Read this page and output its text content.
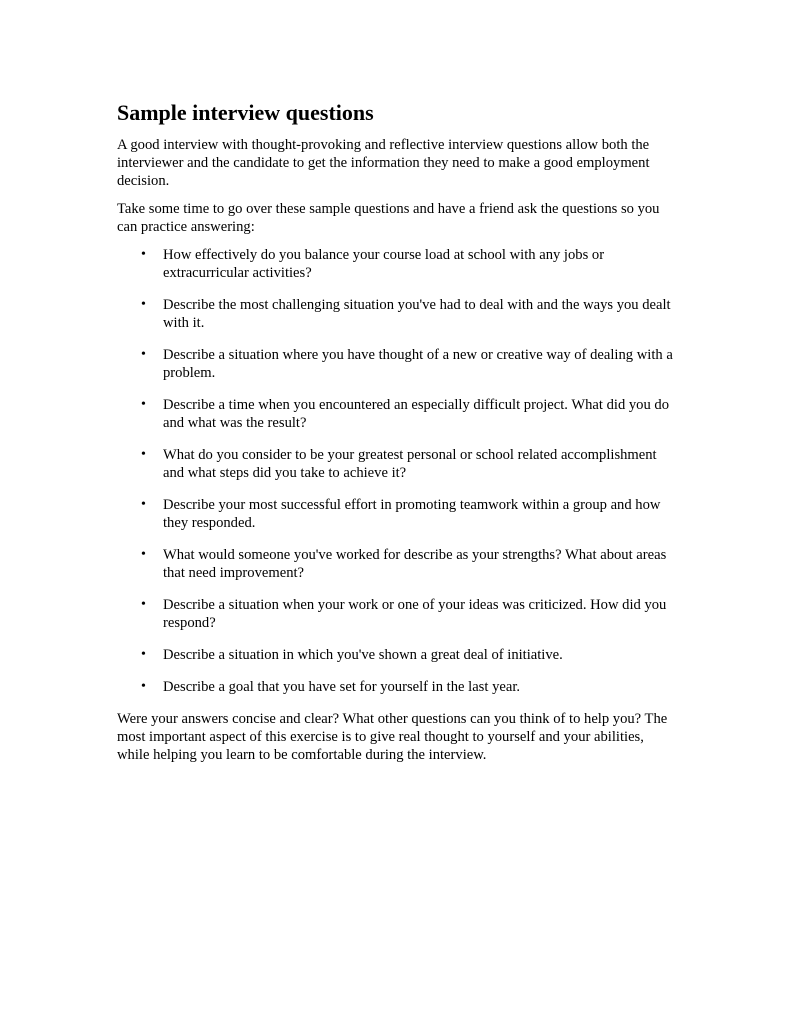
Sample interview questions

A good interview with thought-provoking and reflective interview questions allow both the interviewer and the candidate to get the information they need to make a good employment decision.

Take some time to go over these sample questions and have a friend ask the questions so you can practice answering:

• How effectively do you balance your course load at school with any jobs or extracurricular activities?
• Describe the most challenging situation you've had to deal with and the ways you dealt with it.
• Describe a situation where you have thought of a new or creative way of dealing with a problem.
• Describe a time when you encountered an especially difficult project. What did you do and what was the result?
• What do you consider to be your greatest personal or school related accomplishment and what steps did you take to achieve it?
• Describe your most successful effort in promoting teamwork within a group and how they responded.
• What would someone you've worked for describe as your strengths? What about areas that need improvement?
• Describe a situation when your work or one of your ideas was criticized. How did you respond?
• Describe a situation in which you've shown a great deal of initiative.
• Describe a goal that you have set for yourself in the last year.

Were your answers concise and clear? What other questions can you think of to help you? The most important aspect of this exercise is to give real thought to yourself and your abilities, while helping you learn to be comfortable during the interview.
